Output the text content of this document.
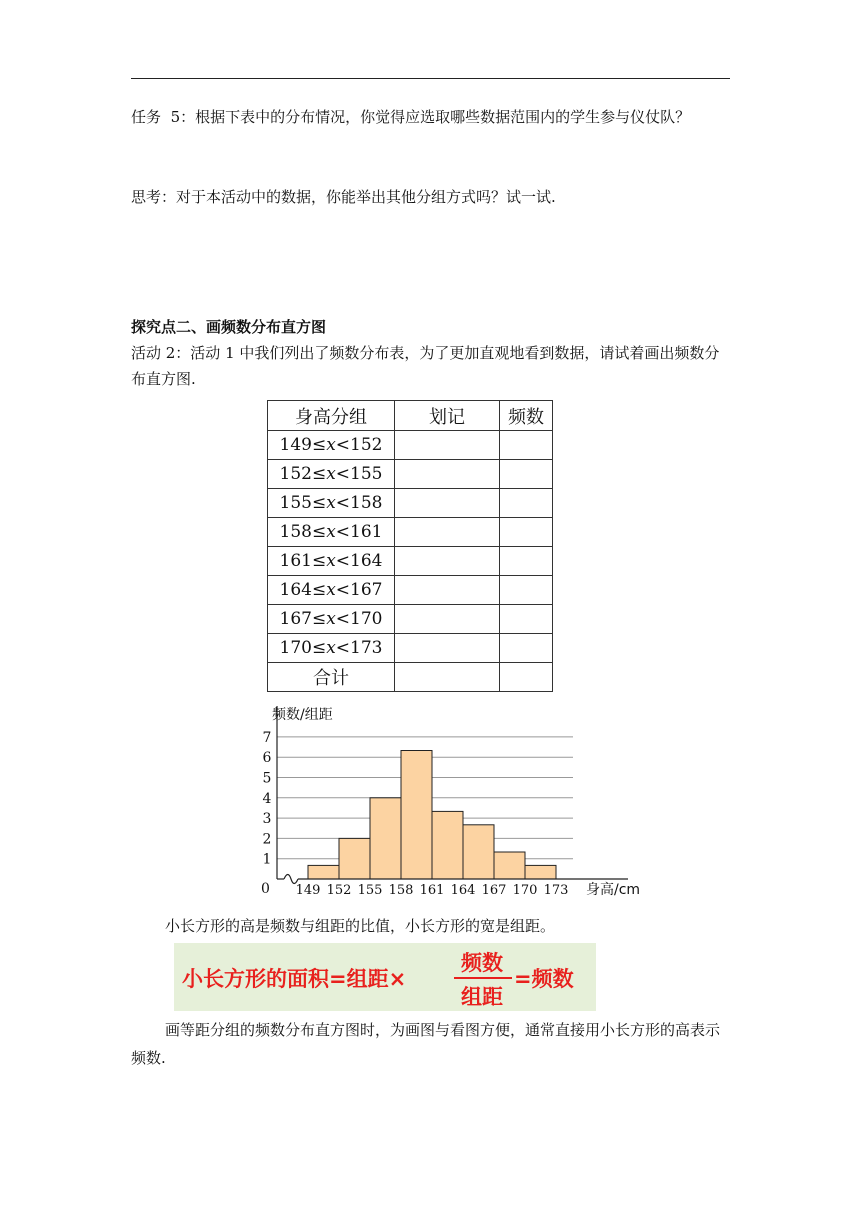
任务 5：根据下表中的分布情况，你觉得应选取哪些数据范围内的学生参与仪仗队？

思考：对于本活动中的数据，你能举出其他分组方式吗？试一试.

探究点二、画频数分布直方图

活动 2：活动 1 中我们列出了频数分布表，为了更加直观地看到数据，请试着画出频数分布直方图.

身高分组	划记	频数
149≤x<152		
152≤x<155		
155≤x<158		
158≤x<161		
161≤x<164		
164≤x<167		
167≤x<170		
170≤x<173		
合计		
1
2
3
4
5
6
7
0 149 152 155 158 161 164 167 170 173
频数/组距
身高/cm

小长方形的高是频数与组距的比值，小长方形的宽是组距。

小长方形的面积=组距×
频数
组距
=频数

画等距分组的频数分布直方图时，为画图与看图方便，通常直接用小长方形的高表示频数.
